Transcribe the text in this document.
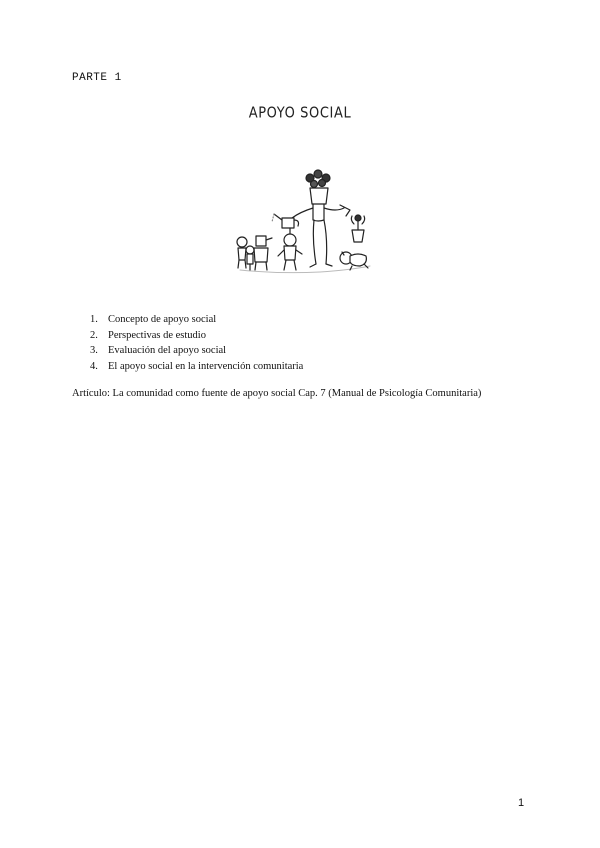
PARTE 1
APOYO SOCIAL
1. Concepto de apoyo social
2. Perspectivas de estudio
3. Evaluación del apoyo social
4. El apoyo social en la intervención comunitaria
Artículo: La comunidad como fuente de apoyo social Cap. 7 (Manual de Psicología Comunitaria)
1
